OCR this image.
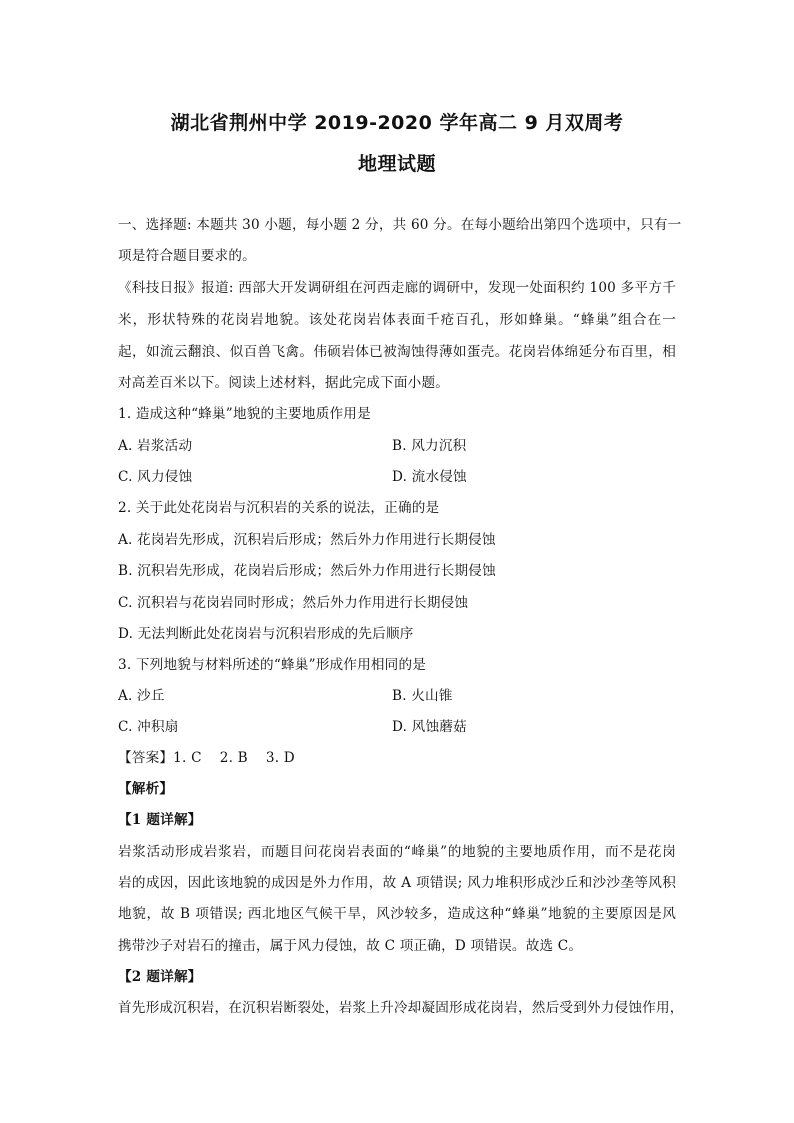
湖北省荆州中学 2019-2020 学年高二 9 月双周考
地理试题
一、选择题: 本题共 30 小题，每小题 2 分，共 60 分。在每小题给出第四个选项中，只有一
项是符合题目要求的。
《科技日报》报道: 西部大开发调研组在河西走廊的调研中，发现一处面积约 100 多平方千
米，形状特殊的花岗岩地貌。该处花岗岩体表面千疮百孔，形如蜂巢。“蜂巢”组合在一
起，如流云翻浪、似百兽飞禽。伟硕岩体已被淘蚀得薄如蛋壳。花岗岩体绵延分布百里，相
对高差百米以下。阅读上述材料，据此完成下面小题。
1. 造成这种“蜂巢”地貌的主要地质作用是
A. 岩浆活动	B. 风力沉积
C. 风力侵蚀	D. 流水侵蚀
2. 关于此处花岗岩与沉积岩的关系的说法，正确的是
A. 花岗岩先形成，沉积岩后形成；然后外力作用进行长期侵蚀
B. 沉积岩先形成，花岗岩后形成；然后外力作用进行长期侵蚀
C. 沉积岩与花岗岩同时形成；然后外力作用进行长期侵蚀
D. 无法判断此处花岗岩与沉积岩形成的先后顺序
3. 下列地貌与材料所述的“蜂巢”形成作用相同的是
A. 沙丘	B. 火山锥
C. 冲积扇	D. 风蚀蘑菇
【答案】1. C    2. B    3. D
【解析】
【1 题详解】
岩浆活动形成岩浆岩，而题目问花岗岩表面的“峰巢”的地貌的主要地质作用，而不是花岗
岩的成因，因此该地貌的成因是外力作用，故 A 项错误; 风力堆积形成沙丘和沙沙垄等风积
地貌，故 B 项错误; 西北地区气候干旱，风沙较多，造成这种“蜂巢”地貌的主要原因是风
携带沙子对岩石的撞击，属于风力侵蚀，故 C 项正确，D 项错误。故选 C。
【2 题详解】
首先形成沉积岩，在沉积岩断裂处，岩浆上升冷却凝固形成花岗岩，然后受到外力侵蚀作用，
